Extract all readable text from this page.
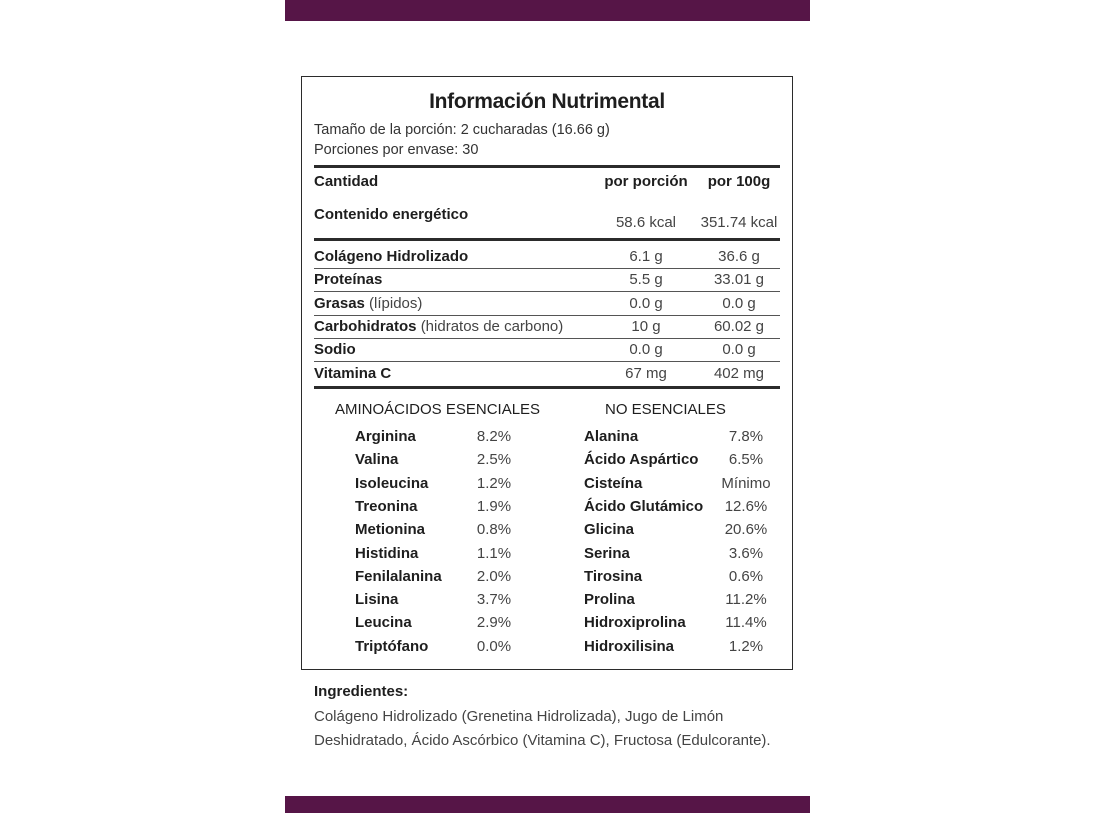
Información Nutrimental
Tamaño de la porción: 2 cucharadas (16.66 g)
Porciones por envase: 30
Cantidad	por porción	por 100g
Contenido energético	58.6 kcal	351.74 kcal
Colágeno Hidrolizado	6.1 g	36.6 g
Proteínas	5.5 g	33.01 g
Grasas (lípidos)	0.0 g	0.0 g
Carbohidratos (hidratos de carbono)	10 g	60.02 g
Sodio	0.0 g	0.0 g
Vitamina C	67 mg	402 mg
AMINOÁCIDOS ESENCIALES	NO ESENCIALES
Arginina	8.2%
Valina	2.5%
Isoleucina	1.2%
Treonina	1.9%
Metionina	0.8%
Histidina	1.1%
Fenilalanina	2.0%
Lisina	3.7%
Leucina	2.9%
Triptófano	0.0%
Alanina	7.8%
Ácido Aspártico	6.5%
Cisteína	Mínimo
Ácido Glutámico	12.6%
Glicina	20.6%
Serina	3.6%
Tirosina	0.6%
Prolina	11.2%
Hidroxiprolina	11.4%
Hidroxilisina	1.2%
Ingredientes:
Colágeno Hidrolizado (Grenetina Hidrolizada), Jugo de Limón Deshidratado, Ácido Ascórbico (Vitamina C), Fructosa (Edulcorante).
